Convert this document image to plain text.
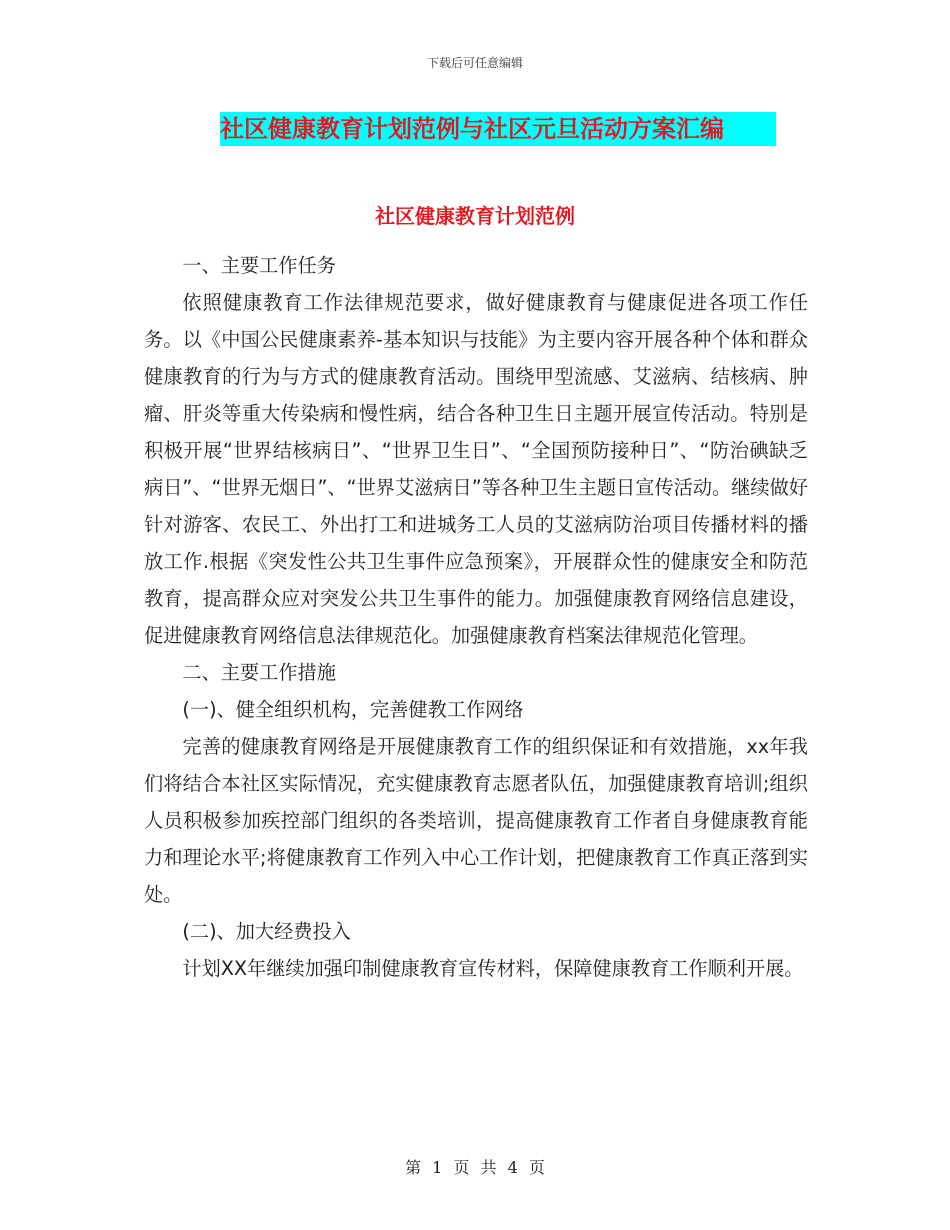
下载后可任意编辑
社区健康教育计划范例与社区元旦活动方案汇编
社区健康教育计划范例

一、主要工作任务

依照健康教育工作法律规范要求，做好健康教育与健康促进各项工作任务。以《中国公民健康素养-基本知识与技能》为主要内容开展各种个体和群众健康教育的行为与方式的健康教育活动。围绕甲型流感、艾滋病、结核病、肿瘤、肝炎等重大传染病和慢性病，结合各种卫生日主题开展宣传活动。特别是积极开展“世界结核病日”、“世界卫生日”、“全国预防接种日”、“防治碘缺乏病日”、“世界无烟日”、“世界艾滋病日”等各种卫生主题日宣传活动。继续做好针对游客、农民工、外出打工和进城务工人员的艾滋病防治项目传播材料的播放工作.根据《突发性公共卫生事件应急预案》，开展群众性的健康安全和防范教育，提高群众应对突发公共卫生事件的能力。加强健康教育网络信息建设，促进健康教育网络信息法律规范化。加强健康教育档案法律规范化管理。

二、主要工作措施

(一)、健全组织机构，完善健教工作网络

完善的健康教育网络是开展健康教育工作的组织保证和有效措施，xx年我们将结合本社区实际情况，充实健康教育志愿者队伍，加强健康教育培训;组织人员积极参加疾控部门组织的各类培训，提高健康教育工作者自身健康教育能力和理论水平;将健康教育工作列入中心工作计划，把健康教育工作真正落到实处。

(二)、加大经费投入

计划XX年继续加强印制健康教育宣传材料，保障健康教育工作顺利开展。

第 1 页 共 4 页
